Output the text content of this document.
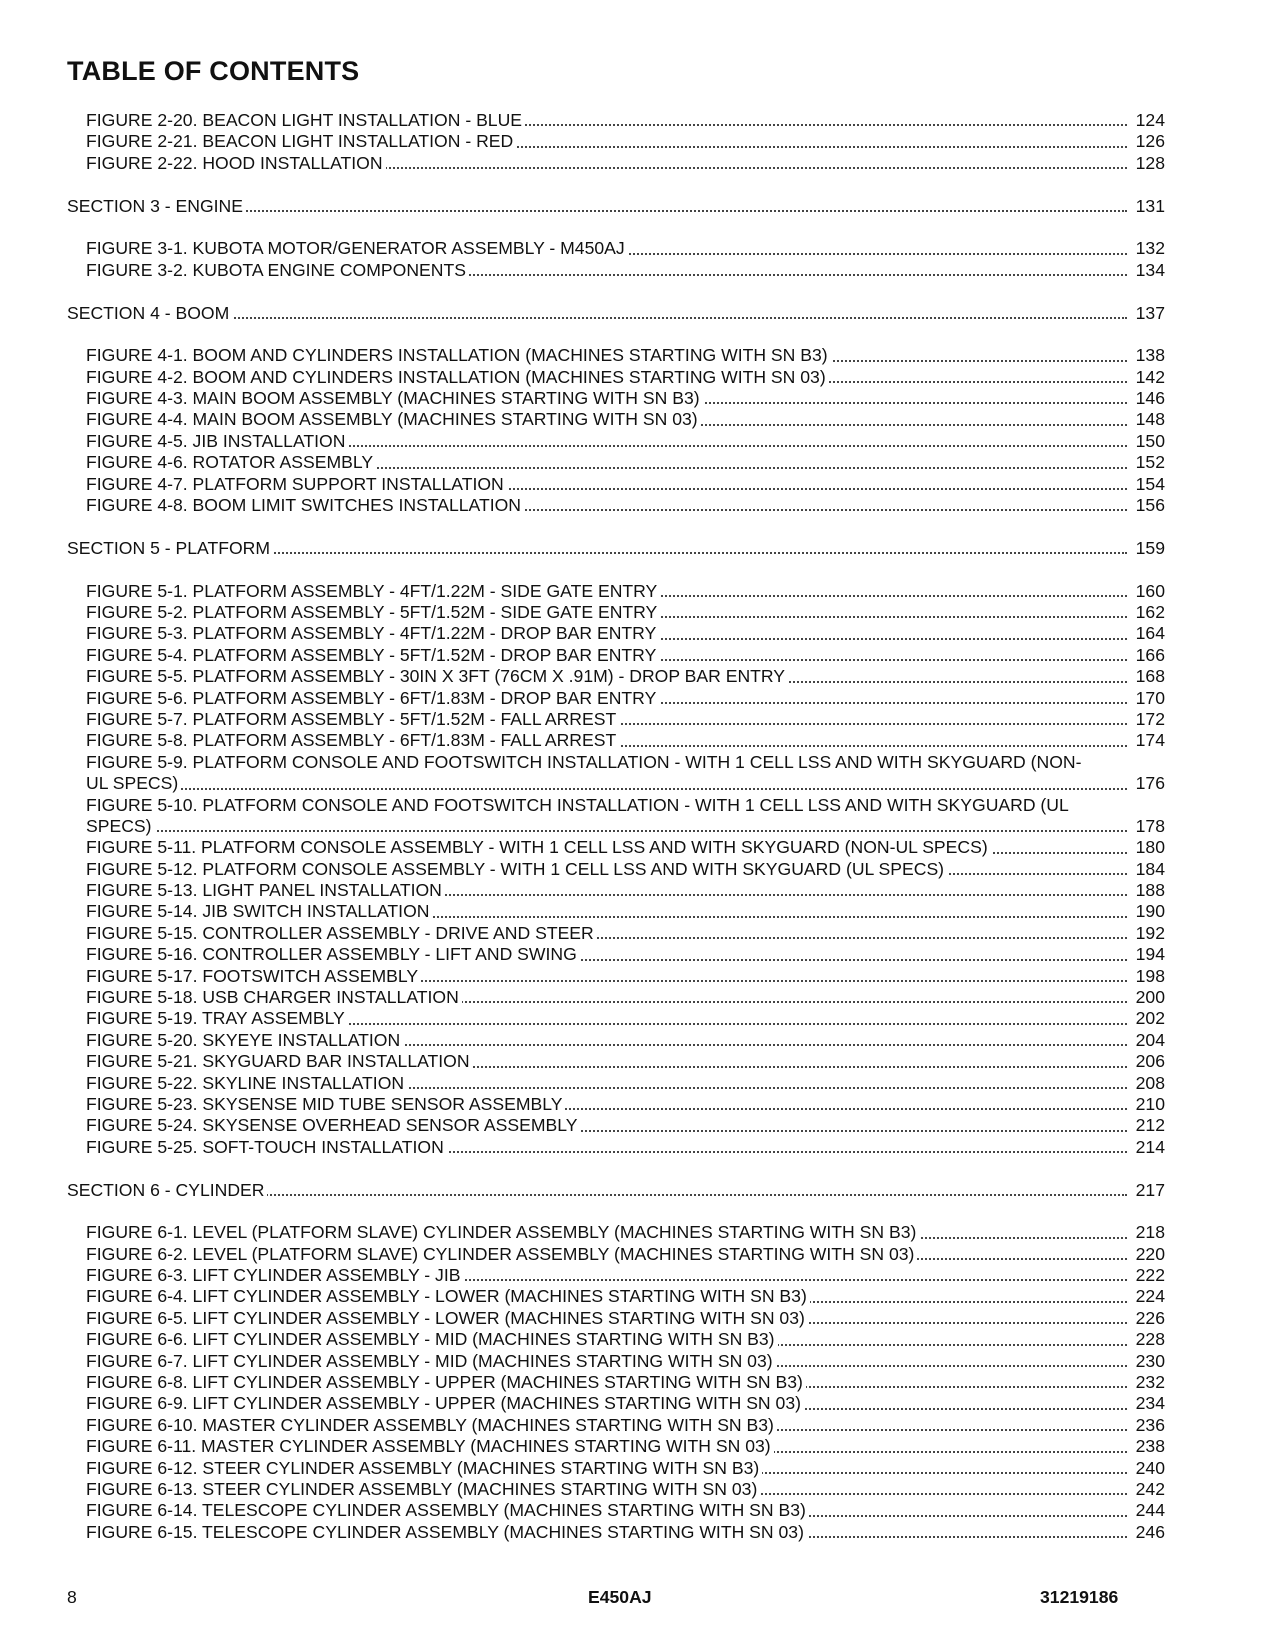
TABLE OF CONTENTS
FIGURE 2-20. BEACON LIGHT INSTALLATION - BLUE	124
FIGURE 2-21. BEACON LIGHT INSTALLATION - RED	126
FIGURE 2-22. HOOD INSTALLATION	128
SECTION 3 - ENGINE	131
FIGURE 3-1. KUBOTA MOTOR/GENERATOR ASSEMBLY - M450AJ	132
FIGURE 3-2. KUBOTA ENGINE COMPONENTS	134
SECTION 4 - BOOM	137
FIGURE 4-1. BOOM AND CYLINDERS INSTALLATION (MACHINES STARTING WITH SN B3)	138
FIGURE 4-2. BOOM AND CYLINDERS INSTALLATION (MACHINES STARTING WITH SN 03)	142
FIGURE 4-3. MAIN BOOM ASSEMBLY (MACHINES STARTING WITH SN B3)	146
FIGURE 4-4. MAIN BOOM ASSEMBLY (MACHINES STARTING WITH SN 03)	148
FIGURE 4-5. JIB INSTALLATION	150
FIGURE 4-6. ROTATOR ASSEMBLY	152
FIGURE 4-7. PLATFORM SUPPORT INSTALLATION	154
FIGURE 4-8. BOOM LIMIT SWITCHES INSTALLATION	156
SECTION 5 - PLATFORM	159
FIGURE 5-1. PLATFORM ASSEMBLY - 4FT/1.22M - SIDE GATE ENTRY	160
FIGURE 5-2. PLATFORM ASSEMBLY - 5FT/1.52M - SIDE GATE ENTRY	162
FIGURE 5-3. PLATFORM ASSEMBLY - 4FT/1.22M - DROP BAR ENTRY	164
FIGURE 5-4. PLATFORM ASSEMBLY - 5FT/1.52M - DROP BAR ENTRY	166
FIGURE 5-5. PLATFORM ASSEMBLY - 30IN X 3FT (76CM X .91M) - DROP BAR ENTRY	168
FIGURE 5-6. PLATFORM ASSEMBLY - 6FT/1.83M - DROP BAR ENTRY	170
FIGURE 5-7. PLATFORM ASSEMBLY - 5FT/1.52M - FALL ARREST	172
FIGURE 5-8. PLATFORM ASSEMBLY - 6FT/1.83M - FALL ARREST	174
FIGURE 5-9. PLATFORM CONSOLE AND FOOTSWITCH INSTALLATION - WITH 1 CELL LSS AND WITH SKYGUARD (NON-
UL SPECS)	176
FIGURE 5-10. PLATFORM CONSOLE AND FOOTSWITCH INSTALLATION - WITH 1 CELL LSS AND WITH SKYGUARD (UL
SPECS)	178
FIGURE 5-11. PLATFORM CONSOLE ASSEMBLY - WITH 1 CELL LSS AND WITH SKYGUARD (NON-UL SPECS)	180
FIGURE 5-12. PLATFORM CONSOLE ASSEMBLY - WITH 1 CELL LSS AND WITH SKYGUARD (UL SPECS)	184
FIGURE 5-13. LIGHT PANEL INSTALLATION	188
FIGURE 5-14. JIB SWITCH INSTALLATION	190
FIGURE 5-15. CONTROLLER ASSEMBLY - DRIVE AND STEER	192
FIGURE 5-16. CONTROLLER ASSEMBLY - LIFT AND SWING	194
FIGURE 5-17. FOOTSWITCH ASSEMBLY	198
FIGURE 5-18. USB CHARGER INSTALLATION	200
FIGURE 5-19. TRAY ASSEMBLY	202
FIGURE 5-20. SKYEYE INSTALLATION	204
FIGURE 5-21. SKYGUARD BAR INSTALLATION	206
FIGURE 5-22. SKYLINE INSTALLATION	208
FIGURE 5-23. SKYSENSE MID TUBE SENSOR ASSEMBLY	210
FIGURE 5-24. SKYSENSE OVERHEAD SENSOR ASSEMBLY	212
FIGURE 5-25. SOFT-TOUCH INSTALLATION	214
SECTION 6 - CYLINDER	217
FIGURE 6-1. LEVEL (PLATFORM SLAVE) CYLINDER ASSEMBLY (MACHINES STARTING WITH SN B3)	218
FIGURE 6-2. LEVEL (PLATFORM SLAVE) CYLINDER ASSEMBLY (MACHINES STARTING WITH SN 03)	220
FIGURE 6-3. LIFT CYLINDER ASSEMBLY - JIB	222
FIGURE 6-4. LIFT CYLINDER ASSEMBLY - LOWER (MACHINES STARTING WITH SN B3)	224
FIGURE 6-5. LIFT CYLINDER ASSEMBLY - LOWER (MACHINES STARTING WITH SN 03)	226
FIGURE 6-6. LIFT CYLINDER ASSEMBLY - MID (MACHINES STARTING WITH SN B3)	228
FIGURE 6-7. LIFT CYLINDER ASSEMBLY - MID (MACHINES STARTING WITH SN 03)	230
FIGURE 6-8. LIFT CYLINDER ASSEMBLY - UPPER (MACHINES STARTING WITH SN B3)	232
FIGURE 6-9. LIFT CYLINDER ASSEMBLY - UPPER (MACHINES STARTING WITH SN 03)	234
FIGURE 6-10. MASTER CYLINDER ASSEMBLY (MACHINES STARTING WITH SN B3)	236
FIGURE 6-11. MASTER CYLINDER ASSEMBLY (MACHINES STARTING WITH SN 03)	238
FIGURE 6-12. STEER CYLINDER ASSEMBLY (MACHINES STARTING WITH SN B3)	240
FIGURE 6-13. STEER CYLINDER ASSEMBLY (MACHINES STARTING WITH SN 03)	242
FIGURE 6-14. TELESCOPE CYLINDER ASSEMBLY (MACHINES STARTING WITH SN B3)	244
FIGURE 6-15. TELESCOPE CYLINDER ASSEMBLY (MACHINES STARTING WITH SN 03)	246
8	E450AJ	31219186
